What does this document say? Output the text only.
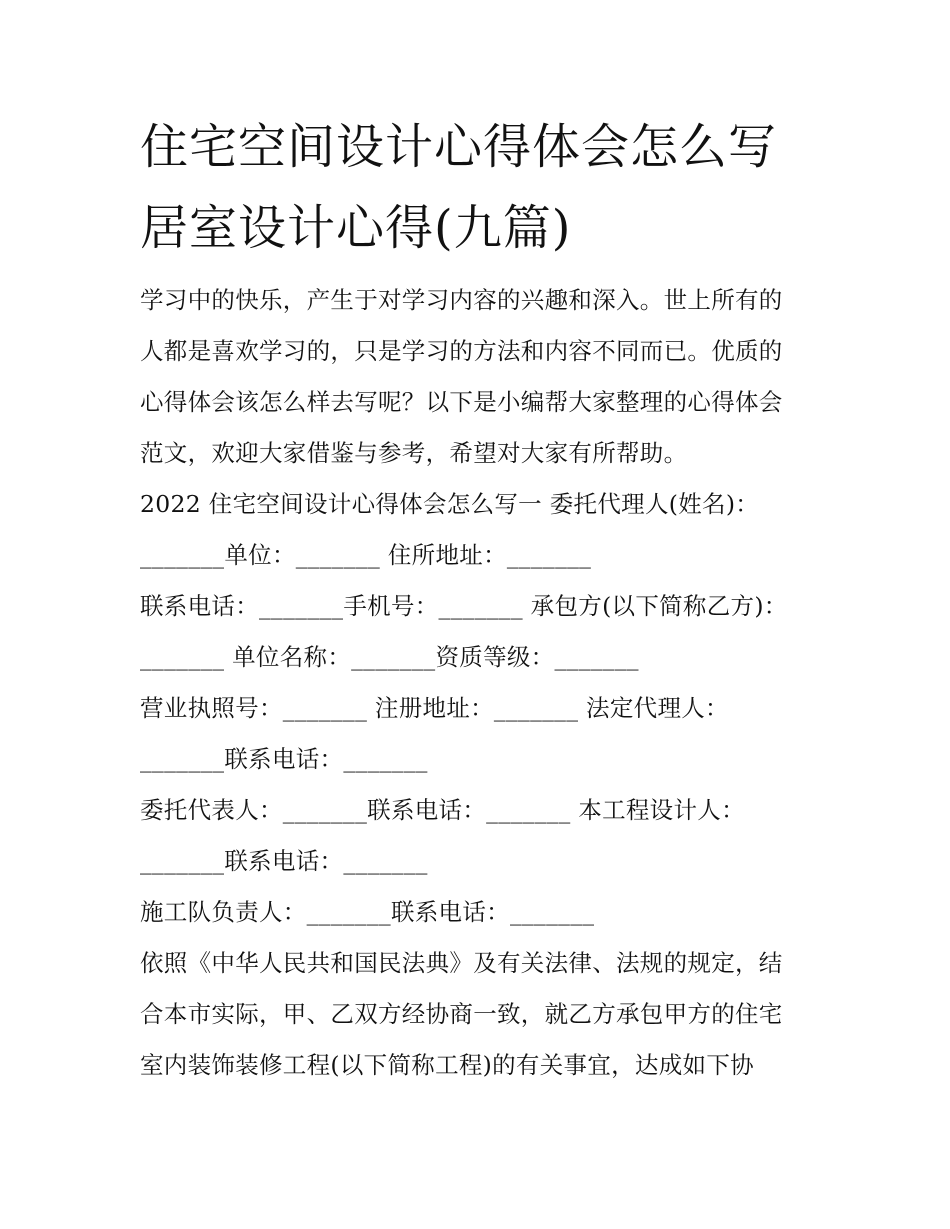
住宅空间设计心得体会怎么写
居室设计心得(九篇)
学习中的快乐，产生于对学习内容的兴趣和深入。世上所有的
人都是喜欢学习的，只是学习的方法和内容不同而已。优质的
心得体会该怎么样去写呢？以下是小编帮大家整理的心得体会
范文，欢迎大家借鉴与参考，希望对大家有所帮助。
2022 住宅空间设计心得体会怎么写一 委托代理人(姓名)：
_______单位：_______ 住所地址：_______
联系电话：_______手机号：_______ 承包方(以下简称乙方)：
_______ 单位名称：_______资质等级：_______
营业执照号：_______ 注册地址：_______ 法定代理人：
_______联系电话：_______
委托代表人：_______联系电话：_______ 本工程设计人：
_______联系电话：_______
施工队负责人：_______联系电话：_______
依照《中华人民共和国民法典》及有关法律、法规的规定，结
合本市实际，甲、乙双方经协商一致，就乙方承包甲方的住宅
室内装饰装修工程(以下简称工程)的有关事宜，达成如下协
